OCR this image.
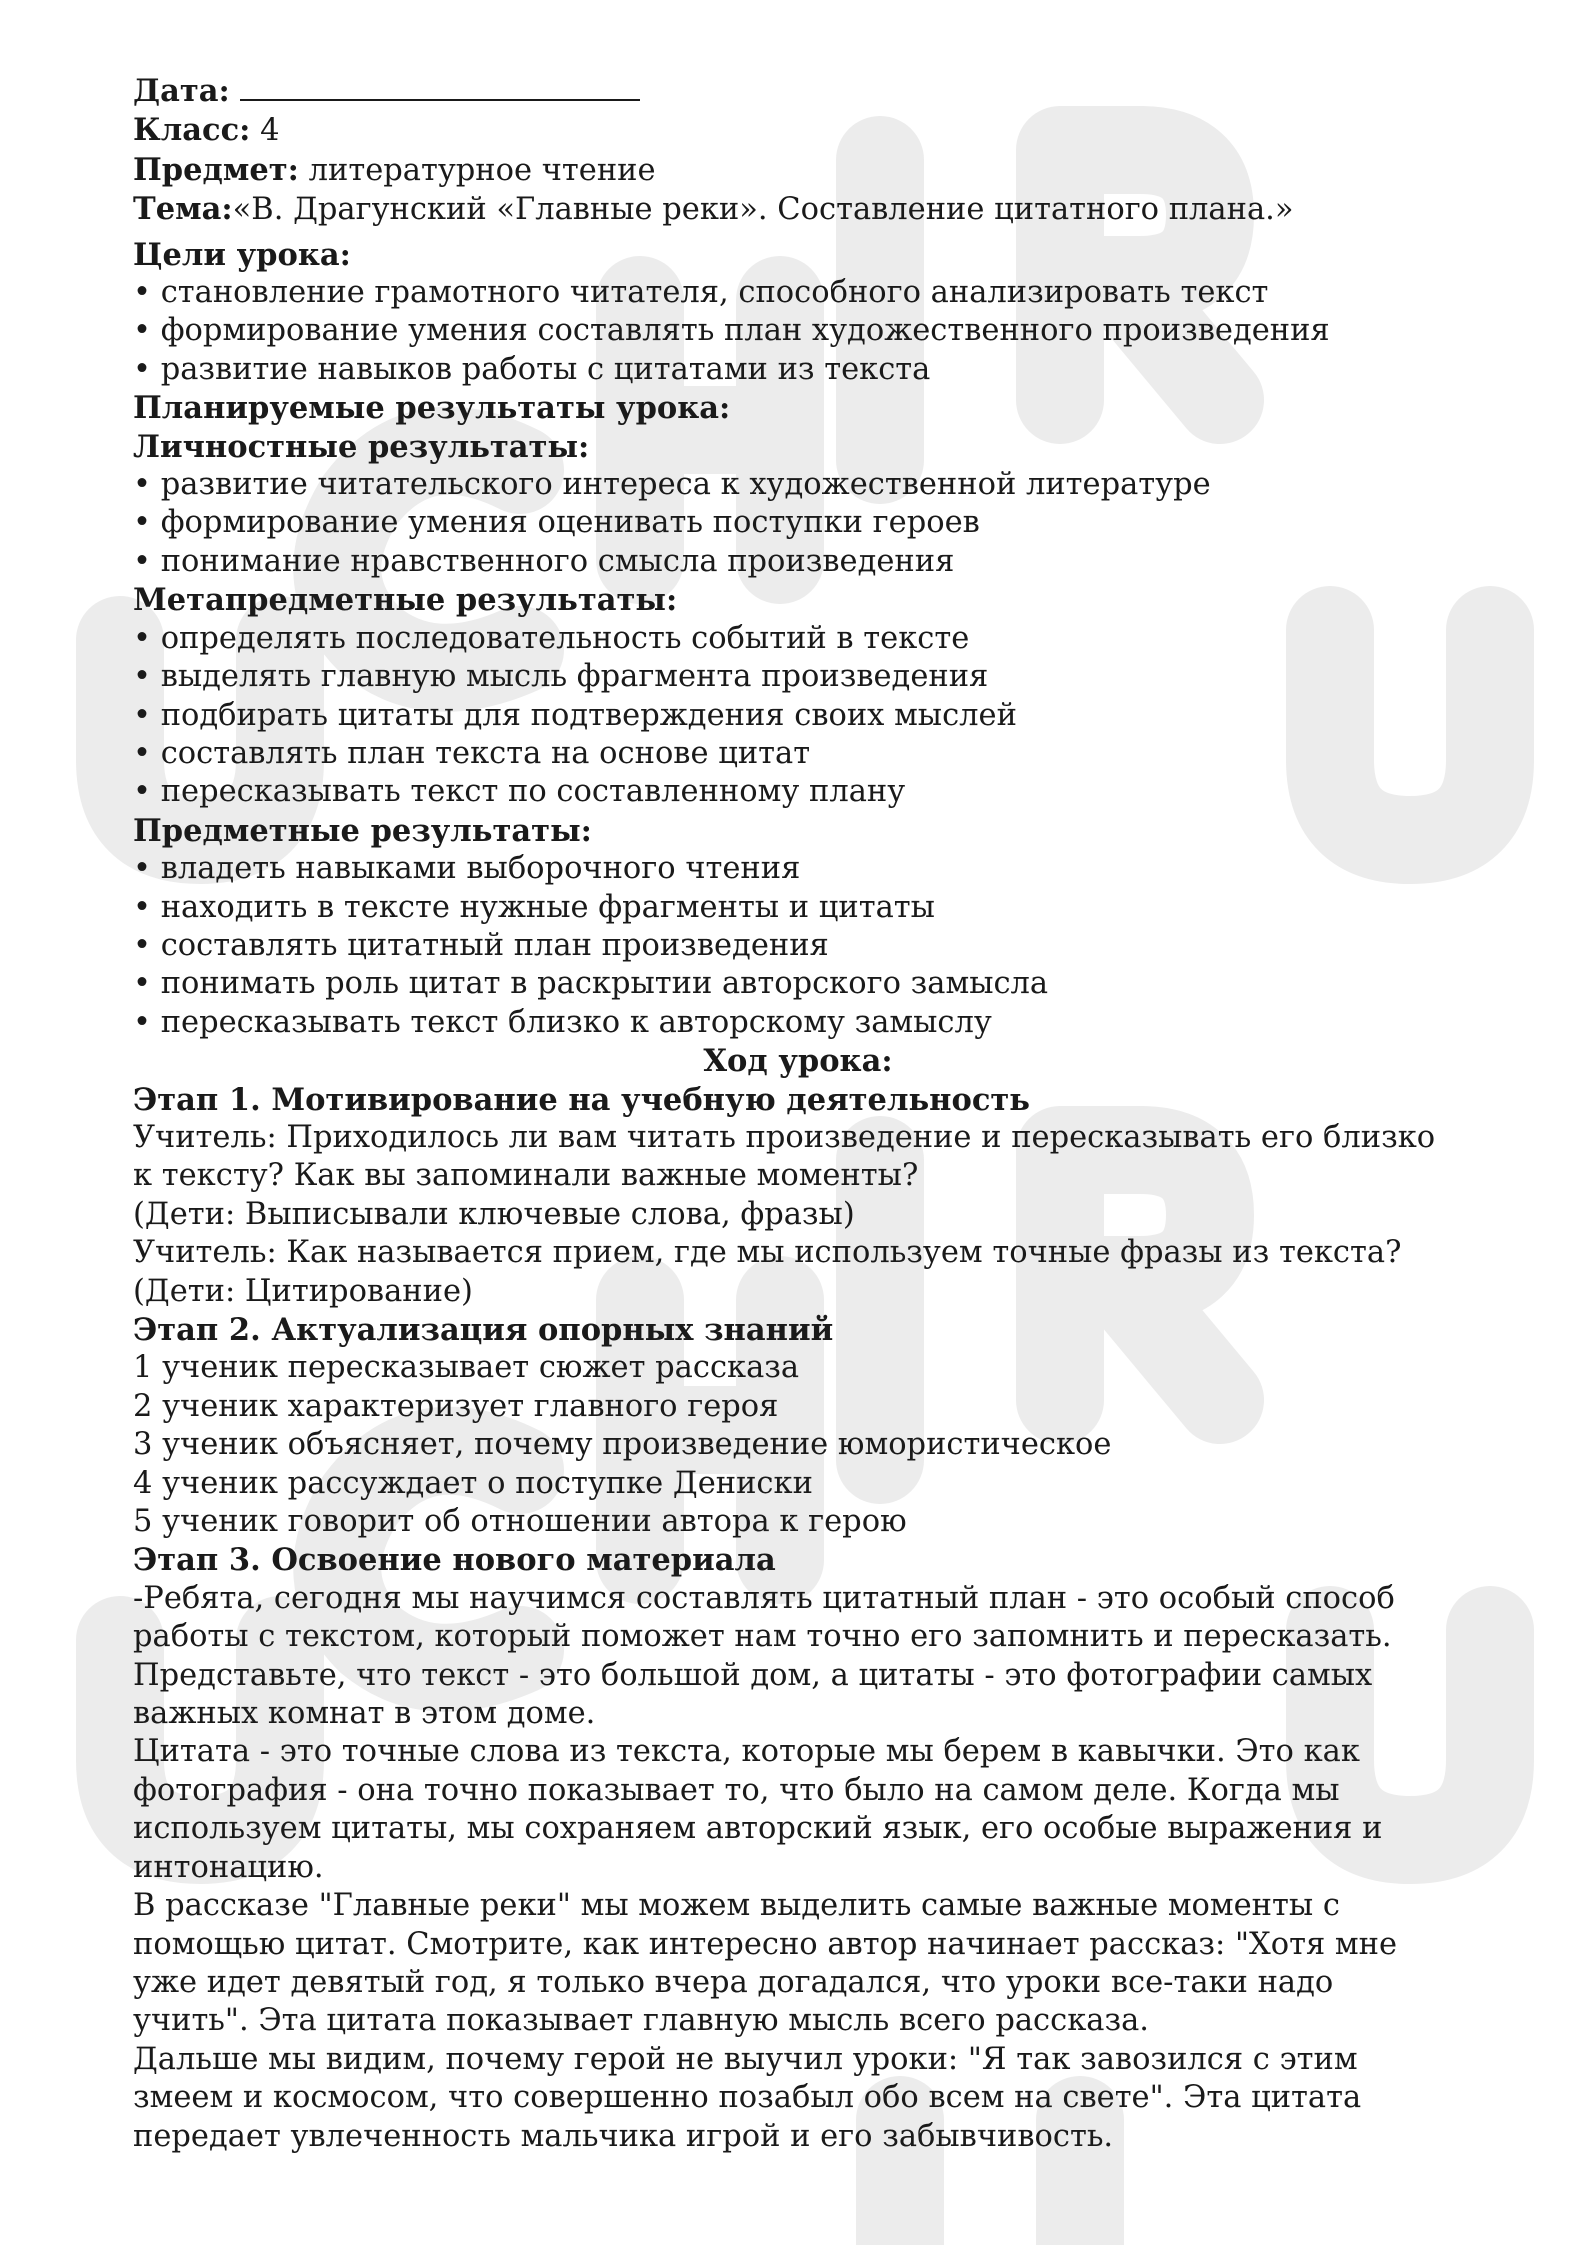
Дата:
Класс: 4
Предмет: литературное чтение
Тема:«В. Драгунский «Главные реки». Составление цитатного плана.»
Цели урока:
• становление грамотного читателя, способного анализировать текст
• формирование умения составлять план художественного произведения
• развитие навыков работы с цитатами из текста
Планируемые результаты урока:
Личностные результаты:
• развитие читательского интереса к художественной литературе
• формирование умения оценивать поступки героев
• понимание нравственного смысла произведения
Метапредметные результаты:
• определять последовательность событий в тексте
• выделять главную мысль фрагмента произведения
• подбирать цитаты для подтверждения своих мыслей
• составлять план текста на основе цитат
• пересказывать текст по составленному плану
Предметные результаты:
• владеть навыками выборочного чтения
• находить в тексте нужные фрагменты и цитаты
• составлять цитатный план произведения
• понимать роль цитат в раскрытии авторского замысла
• пересказывать текст близко к авторскому замыслу
Ход урока:
Этап 1. Мотивирование на учебную деятельность
Учитель: Приходилось ли вам читать произведение и пересказывать его близко
к тексту? Как вы запоминали важные моменты?
(Дети: Выписывали ключевые слова, фразы)
Учитель: Как называется прием, где мы используем точные фразы из текста?
(Дети: Цитирование)
Этап 2. Актуализация опорных знаний
1 ученик пересказывает сюжет рассказа
2 ученик характеризует главного героя
3 ученик объясняет, почему произведение юмористическое
4 ученик рассуждает о поступке Дениски
5 ученик говорит об отношении автора к герою
Этап 3. Освоение нового материала
-Ребята, сегодня мы научимся составлять цитатный план - это особый способ
работы с текстом, который поможет нам точно его запомнить и пересказать.
Представьте, что текст - это большой дом, а цитаты - это фотографии самых
важных комнат в этом доме.
Цитата - это точные слова из текста, которые мы берем в кавычки. Это как
фотография - она точно показывает то, что было на самом деле. Когда мы
используем цитаты, мы сохраняем авторский язык, его особые выражения и
интонацию.
В рассказе "Главные реки" мы можем выделить самые важные моменты с
помощью цитат. Смотрите, как интересно автор начинает рассказ: "Хотя мне
уже идет девятый год, я только вчера догадался, что уроки все-таки надо
учить". Эта цитата показывает главную мысль всего рассказа.
Дальше мы видим, почему герой не выучил уроки: "Я так завозился с этим
змеем и космосом, что совершенно позабыл обо всем на свете". Эта цитата
передает увлеченность мальчика игрой и его забывчивость.
